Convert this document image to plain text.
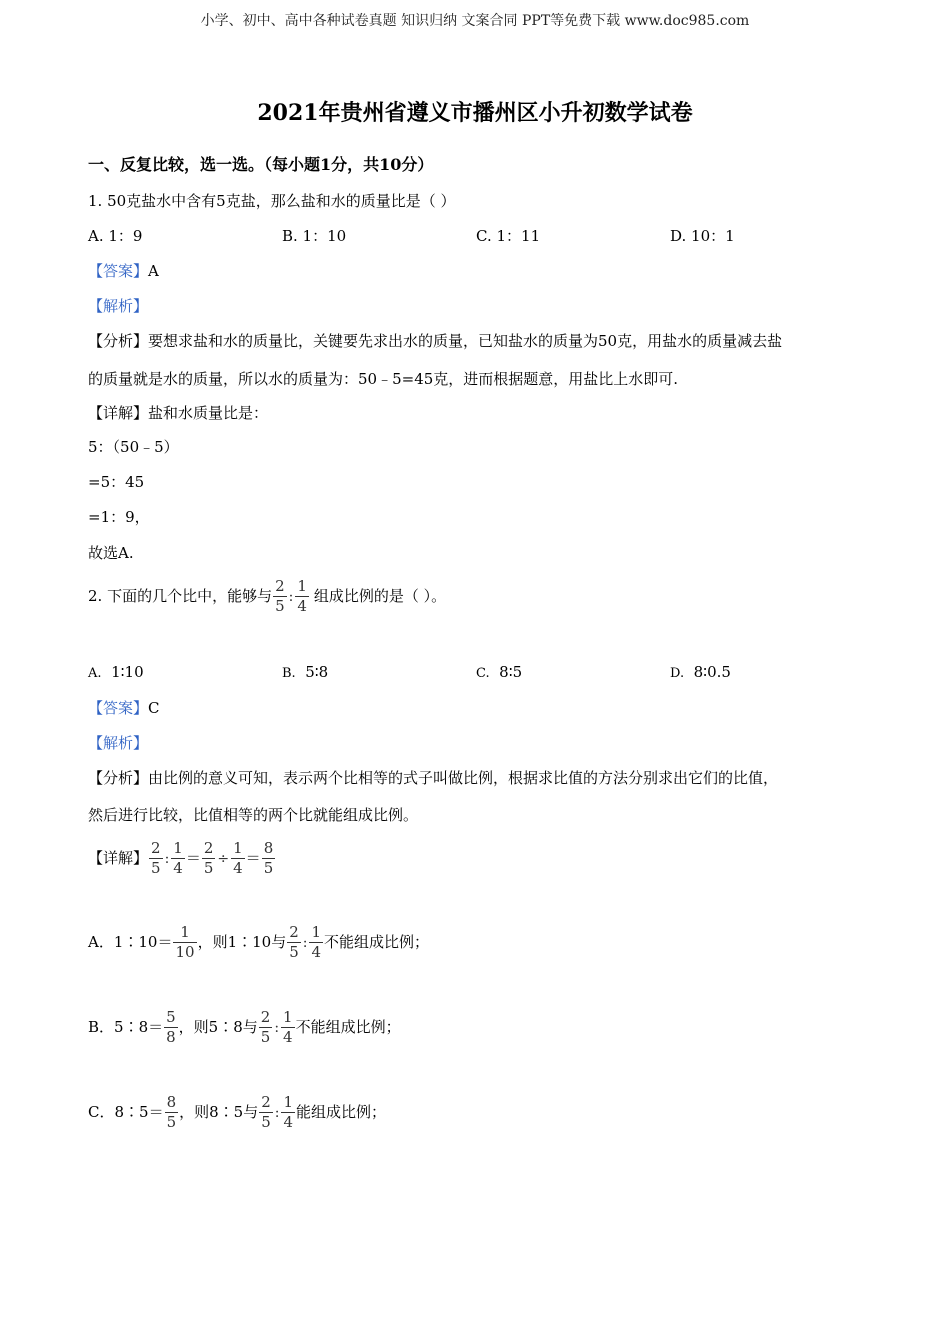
小学、初中、高中各种试卷真题 知识归纳 文案合同 PPT等免费下载 www.doc985.com
2021年贵州省遵义市播州区小升初数学试卷
一、反复比较，选一选。（每小题1分，共10分）
1. 50克盐水中含有5克盐，那么盐和水的质量比是（ ）
A. 1：9	B. 1：10	C. 1：11	D. 10：1
【答案】A
【解析】
【分析】要想求盐和水的质量比，关键要先求出水的质量，已知盐水的质量为50克，用盐水的质量减去盐
的质量就是水的质量，所以水的质量为：50﹣5=45克，进而根据题意，用盐比上水即可.
【详解】盐和水质量比是：
5：（50﹣5）
=5：45
=1：9，
故选A.
2. 下面的几个比中，能够与 $\frac{2}{5}$ : $\frac{1}{4}$ 组成比例的是（ ）。
A. 1∶10	B. 5∶8	C. 8∶5	D. 8∶0.5
【答案】C
【解析】
【分析】由比例的意义可知，表示两个比相等的式子叫做比例，根据求比值的方法分别求出它们的比值，
然后进行比较，比值相等的两个比就能组成比例。
【详解】 $\frac{2}{5}$ : $\frac{1}{4} = \frac{2}{5} \div \frac{1}{4} = \frac{8}{5}$
A．1∶10＝ $\frac{1}{10}$ ，则1∶10与 $\frac{2}{5}$ : $\frac{1}{4}$ 不能组成比例；
B．5∶8＝ $\frac{5}{8}$ ，则5∶8与 $\frac{2}{5}$ : $\frac{1}{4}$ 不能组成比例；
C．8∶5＝ $\frac{8}{5}$ ，则8∶5与 $\frac{2}{5}$ : $\frac{1}{4}$ 能组成比例；
